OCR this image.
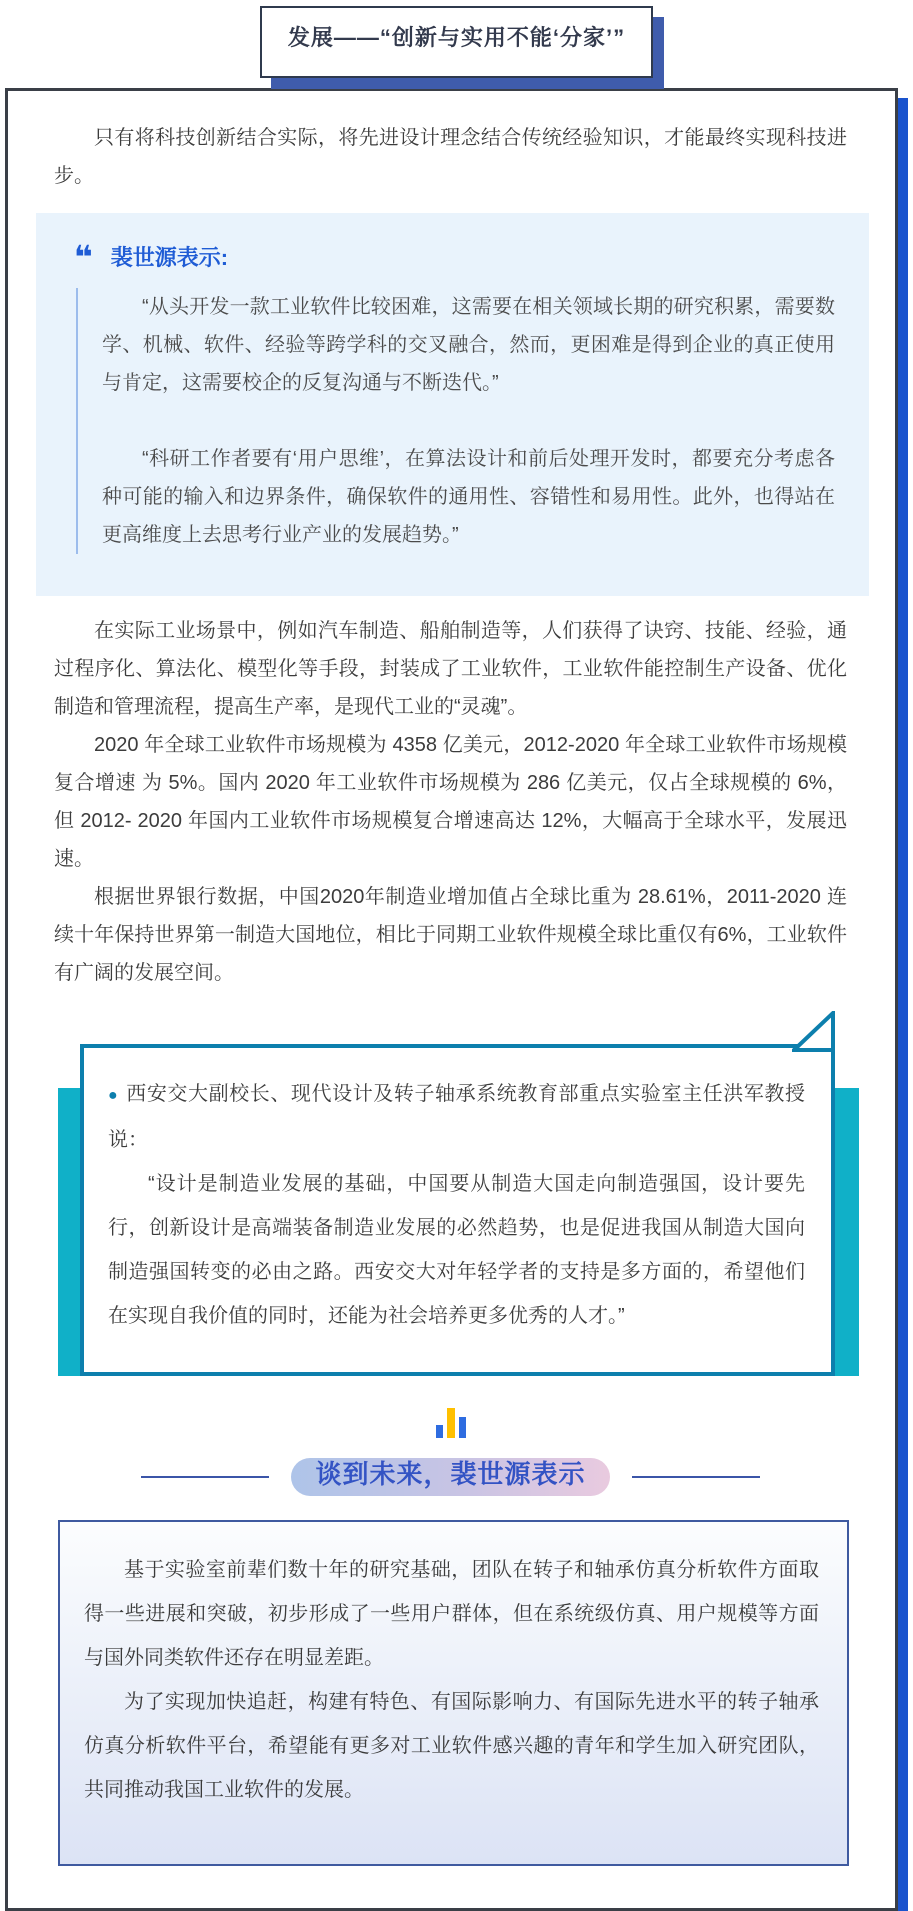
发展——“创新与实用不能‘分家’”

只有将科技创新结合实际，将先进设计理念结合传统经验知识，才能最终实现科技进步。

❝ 裴世源表示:

“从头开发一款工业软件比较困难，这需要在相关领域长期的研究积累，需要数学、机械、软件、经验等跨学科的交叉融合，然而，更困难是得到企业的真正使用与肯定，这需要校企的反复沟通与不断迭代。”

“科研工作者要有‘用户思维’，在算法设计和前后处理开发时，都要充分考虑各种可能的输入和边界条件，确保软件的通用性、容错性和易用性。此外，也得站在更高维度上去思考行业产业的发展趋势。”

在实际工业场景中，例如汽车制造、船舶制造等，人们获得了诀窍、技能、经验，通过程序化、算法化、模型化等手段，封装成了工业软件，工业软件能控制生产设备、优化制造和管理流程，提高生产率，是现代工业的“灵魂”。

2020 年全球工业软件市场规模为 4358 亿美元，2012-2020 年全球工业软件市场规模复合增速 为 5%。国内 2020 年工业软件市场规模为 286 亿美元，仅占全球规模的 6%，但 2012- 2020 年国内工业软件市场规模复合增速高达 12%，大幅高于全球水平，发展迅速。

根据世界银行数据，中国2020年制造业增加值占全球比重为 28.61%，2011-2020 连续十年保持世界第一制造大国地位，相比于同期工业软件规模全球比重仅有6%，工业软件有广阔的发展空间。

● 西安交大副校长、现代设计及转子轴承系统教育部重点实验室主任洪军教授说：

“设计是制造业发展的基础，中国要从制造大国走向制造强国，设计要先行，创新设计是高端装备制造业发展的必然趋势，也是促进我国从制造大国向制造强国转变的必由之路。西安交大对年轻学者的支持是多方面的，希望他们在实现自我价值的同时，还能为社会培养更多优秀的人才。”

谈到未来，裴世源表示

基于实验室前辈们数十年的研究基础，团队在转子和轴承仿真分析软件方面取得一些进展和突破，初步形成了一些用户群体，但在系统级仿真、用户规模等方面与国外同类软件还存在明显差距。

为了实现加快追赶，构建有特色、有国际影响力、有国际先进水平的转子轴承仿真分析软件平台，希望能有更多对工业软件感兴趣的青年和学生加入研究团队，共同推动我国工业软件的发展。
